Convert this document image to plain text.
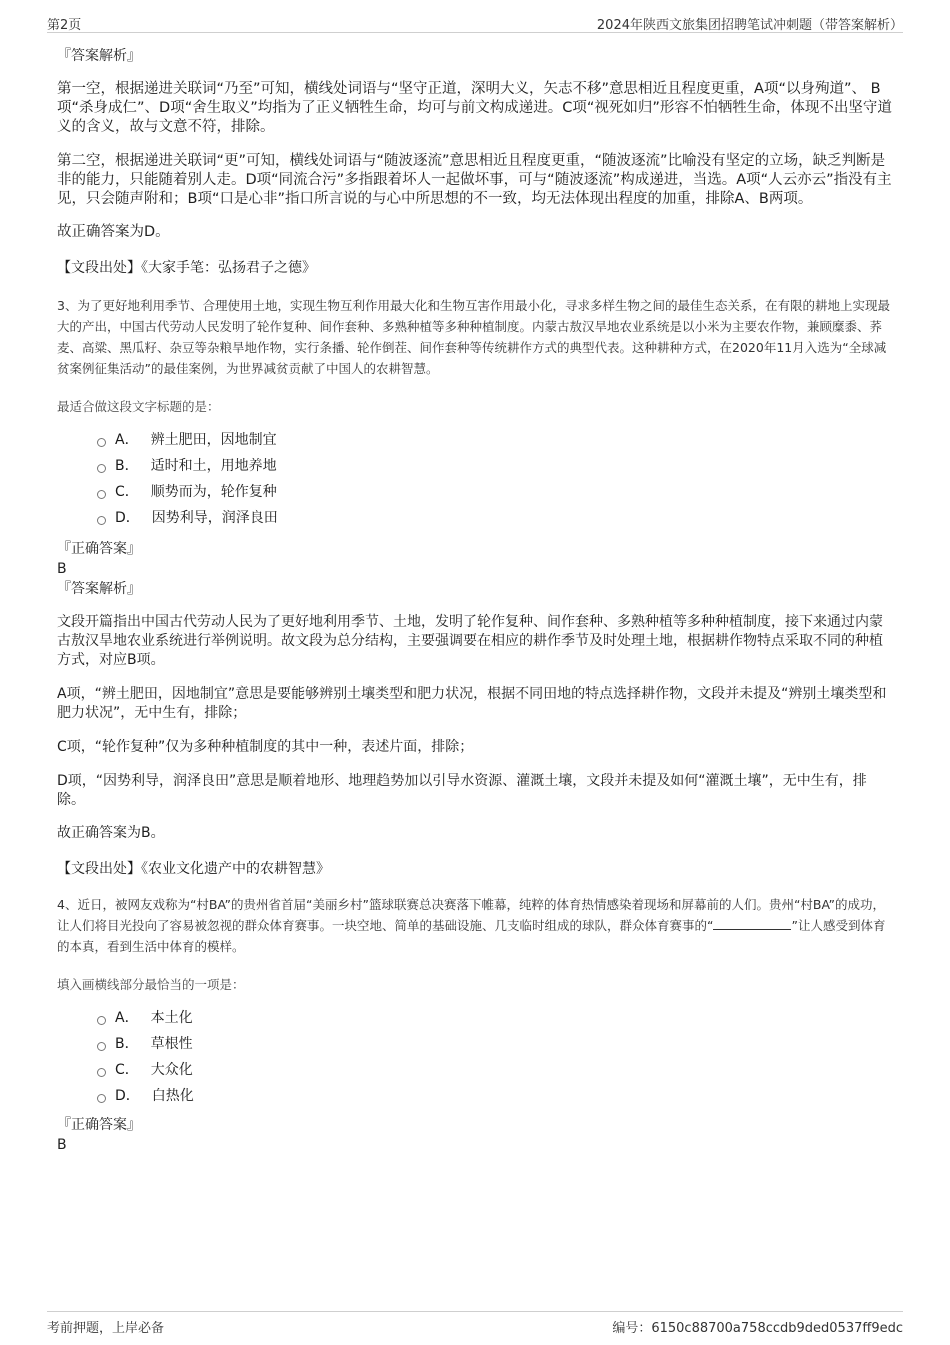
第2页	2024年陕西文旅集团招聘笔试冲刺题（带答案解析）

『答案解析』

第一空，根据递进关联词“乃至”可知，横线处词语与“坚守正道，深明大义，矢志不移”意思相近且程度更重，A项“以身殉道”、 B项“杀身成仁”、D项“舍生取义”均指为了正义牺牲生命，均可与前文构成递进。C项“视死如归”形容不怕牺牲生命，体现不出坚守道义的含义，故与文意不符，排除。

第二空，根据递进关联词“更”可知，横线处词语与“随波逐流”意思相近且程度更重，“随波逐流”比喻没有坚定的立场，缺乏判断是非的能力，只能随着别人走。D项“同流合污”多指跟着坏人一起做坏事，可与“随波逐流”构成递进，当选。A项“人云亦云”指没有主见，只会随声附和；B项“口是心非”指口所言说的与心中所思想的不一致，均无法体现出程度的加重，排除A、B两项。

故正确答案为D。

【文段出处】《大家手笔：弘扬君子之德》

3、为了更好地利用季节、合理使用土地，实现生物互利作用最大化和生物互害作用最小化，寻求多样生物之间的最佳生态关系，在有限的耕地上实现最大的产出，中国古代劳动人民发明了轮作复种、间作套种、多熟种植等多种种植制度。内蒙古敖汉旱地农业系统是以小米为主要农作物，兼顾糜黍、荞麦、高粱、黑瓜籽、杂豆等杂粮旱地作物，实行条播、轮作倒茬、间作套种等传统耕作方式的典型代表。这种耕种方式，在2020年11月入选为“全球减贫案例征集活动”的最佳案例，为世界减贫贡献了中国人的农耕智慧。

最适合做这段文字标题的是：

A． 辨土肥田，因地制宜
B． 适时和土，用地养地
C． 顺势而为，轮作复种
D． 因势利导，润泽良田

『正确答案』

B

『答案解析』

文段开篇指出中国古代劳动人民为了更好地利用季节、土地，发明了轮作复种、间作套种、多熟种植等多种种植制度，接下来通过内蒙古敖汉旱地农业系统进行举例说明。故文段为总分结构，主要强调要在相应的耕作季节及时处理土地，根据耕作物特点采取不同的种植方式，对应B项。

A项，“辨土肥田，因地制宜”意思是要能够辨别土壤类型和肥力状况，根据不同田地的特点选择耕作物，文段并未提及“辨别土壤类型和肥力状况”，无中生有，排除；

C项，“轮作复种”仅为多种种植制度的其中一种，表述片面，排除；

D项，“因势利导，润泽良田”意思是顺着地形、地理趋势加以引导水资源、灌溉土壤，文段并未提及如何“灌溉土壤”，无中生有，排除。

故正确答案为B。

【文段出处】《农业文化遗产中的农耕智慧》

4、近日，被网友戏称为“村BA”的贵州省首届“美丽乡村”篮球联赛总决赛落下帷幕，纯粹的体育热情感染着现场和屏幕前的人们。贵州“村BA”的成功，让人们将目光投向了容易被忽视的群众体育赛事。一块空地、简单的基础设施、几支临时组成的球队，群众体育赛事的“	”让人感受到体育的本真，看到生活中体育的模样。

填入画横线部分最恰当的一项是：

A． 本土化
B． 草根性
C． 大众化
D． 白热化

『正确答案』

B

考前押题，上岸必备	编号：6150c88700a758ccdb9ded0537ff9edc
